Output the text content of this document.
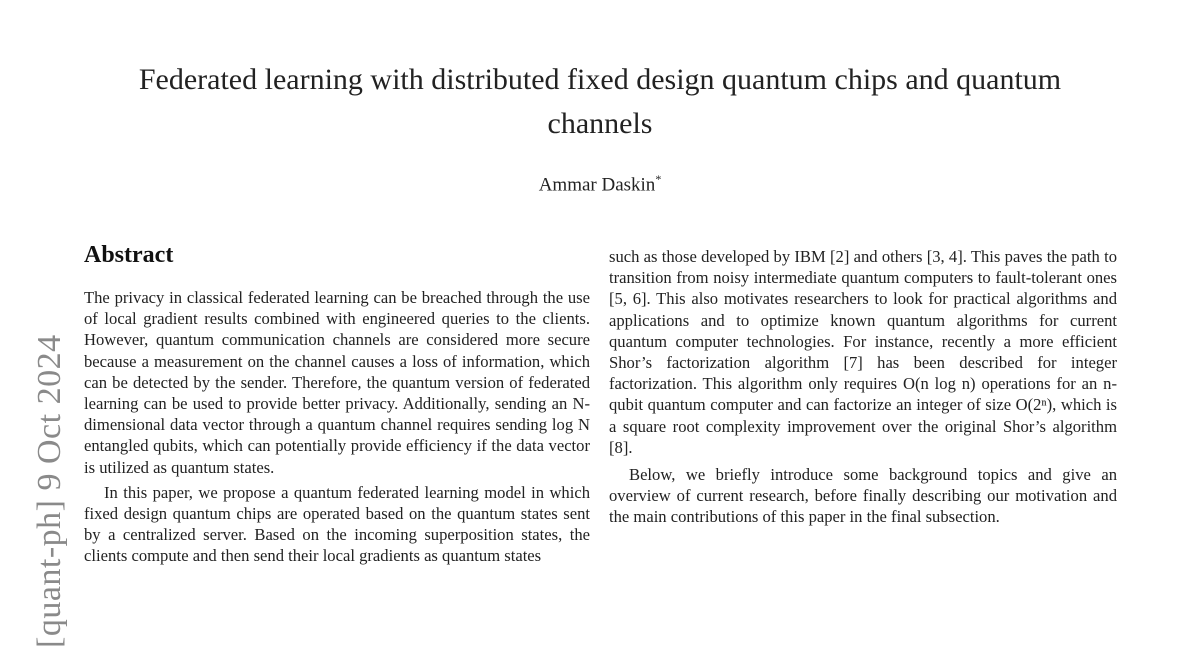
[quant-ph] 9 Oct 2024
Federated learning with distributed fixed design quantum chips and quantum channels
Ammar Daskin*
Abstract

The privacy in classical federated learning can be breached through the use of local gradient results combined with engineered queries to the clients. However, quantum communication channels are considered more secure because a measurement on the channel causes a loss of information, which can be detected by the sender. Therefore, the quantum version of federated learning can be used to provide better privacy. Additionally, sending an N-dimensional data vector through a quantum channel requires sending log N entangled qubits, which can potentially provide efficiency if the data vector is utilized as quantum states.

In this paper, we propose a quantum federated learning model in which fixed design quantum chips are operated based on the quantum states sent by a centralized server. Based on the incoming superposition states, the clients compute and then send their local gradients as quantum states

such as those developed by IBM [2] and others [3, 4]. This paves the path to transition from noisy intermediate quantum computers to fault-tolerant ones [5, 6]. This also motivates researchers to look for practical algorithms and applications and to optimize known quantum algorithms for current quantum computer technologies. For instance, recently a more efficient Shor’s factorization algorithm [7] has been described for integer factorization. This algorithm only requires O(n log n) operations for an n-qubit quantum computer and can factorize an integer of size O(2ⁿ), which is a square root complexity improvement over the original Shor’s algorithm [8].

Below, we briefly introduce some background topics and give an overview of current research, before finally describing our motivation and the main contributions of this paper in the final subsection.
